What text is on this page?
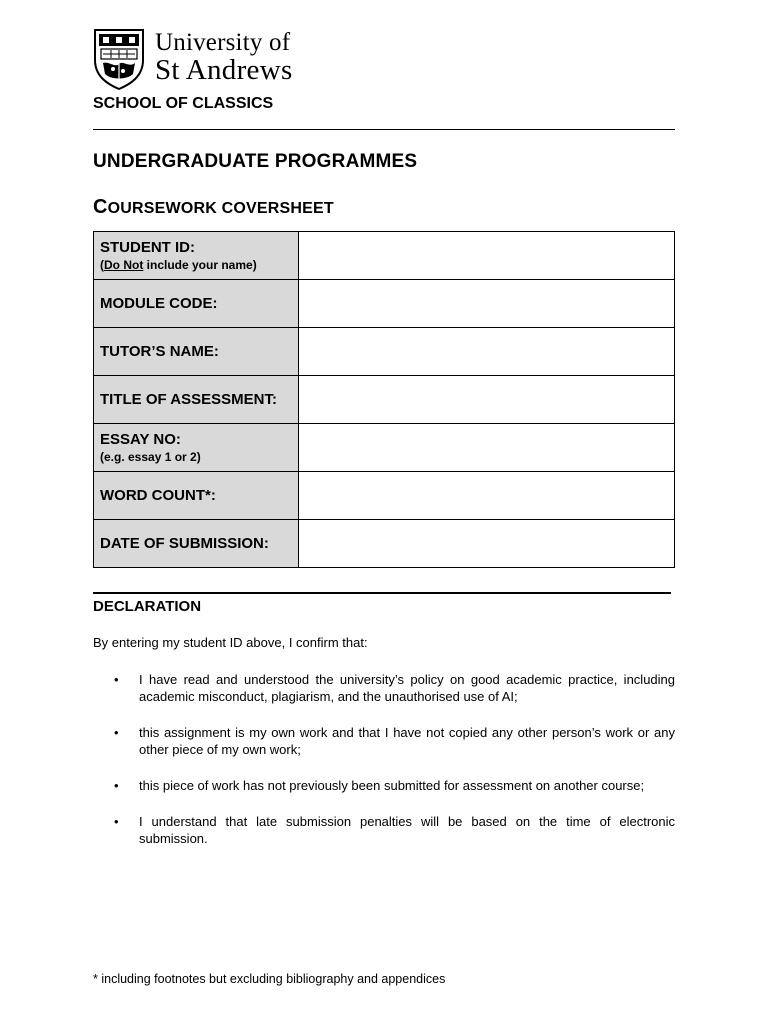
University of
St Andrews
SCHOOL OF CLASSICS
UNDERGRADUATE PROGRAMMES
COURSEWORK COVERSHEET
STUDENT ID:
(Do Not include your name)	

MODULE CODE:	
TUTOR’S NAME:	
TITLE OF ASSESSMENT:	
ESSAY NO:
(e.g. essay 1 or 2)	

WORD COUNT*:	
DATE OF SUBMISSION:	
DECLARATION
By entering my student ID above, I confirm that:
• I have read and understood the university’s policy on good academic practice, including academic misconduct, plagiarism, and the unauthorised use of AI;
• this assignment is my own work and that I have not copied any other person’s work or any other piece of my own work;
• this piece of work has not previously been submitted for assessment on another course;
• I understand that late submission penalties will be based on the time of electronic submission.
* including footnotes but excluding bibliography and appendices
